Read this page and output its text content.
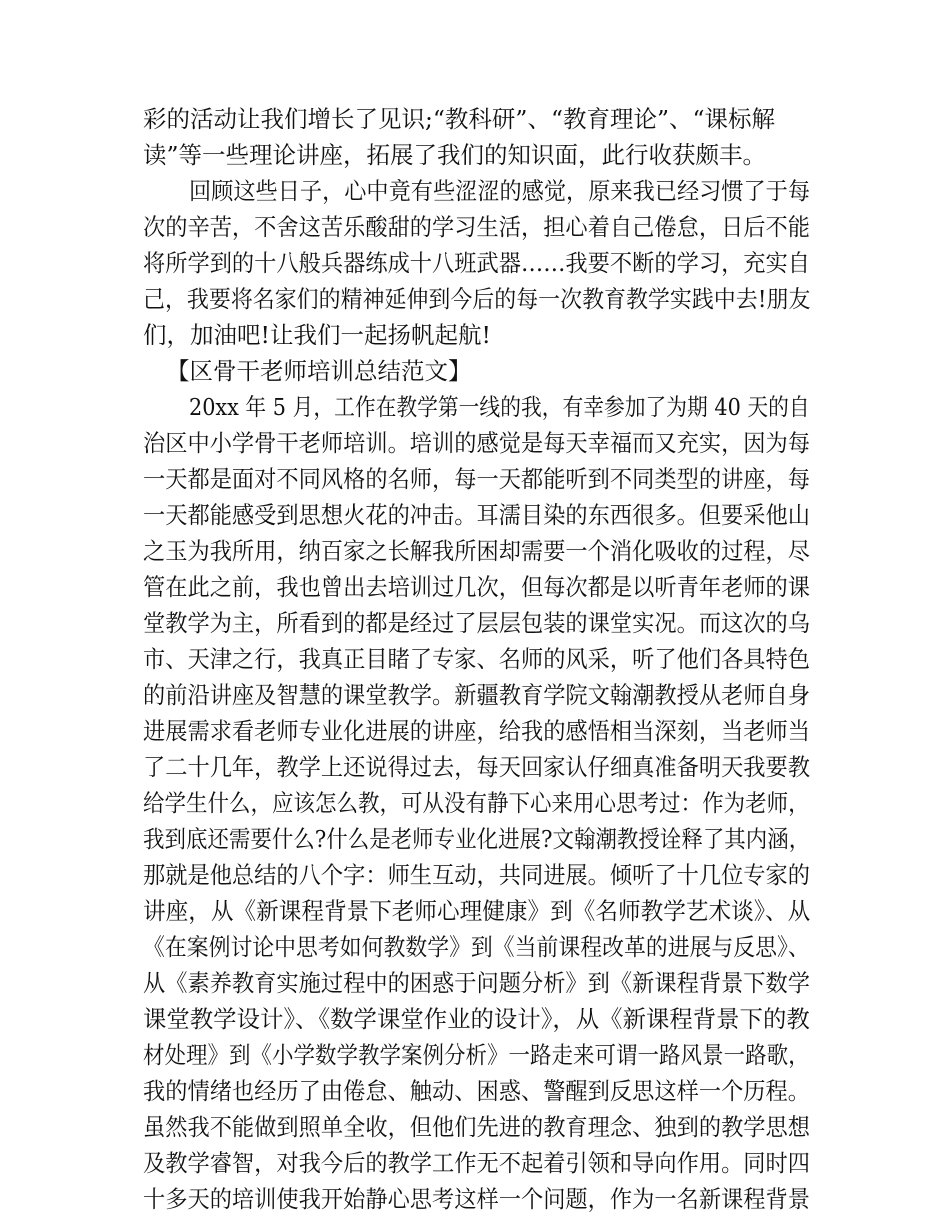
彩的活动让我们增长了见识;“教科研”、“教育理论”、“课标解
读”等一些理论讲座，拓展了我们的知识面，此行收获颇丰。
回顾这些日子，心中竟有些涩涩的感觉，原来我已经习惯了于每
次的辛苦，不舍这苦乐酸甜的学习生活，担心着自己倦怠，日后不能
将所学到的十八般兵器练成十八班武器……我要不断的学习，充实自
己，我要将名家们的精神延伸到今后的每一次教育教学实践中去!朋友
们，加油吧!让我们一起扬帆起航!
【区骨干老师培训总结范文】
20xx 年 5 月，工作在教学第一线的我，有幸参加了为期 40 天的自
治区中小学骨干老师培训。培训的感觉是每天幸福而又充实，因为每
一天都是面对不同风格的名师，每一天都能听到不同类型的讲座，每
一天都能感受到思想火花的冲击。耳濡目染的东西很多。但要采他山
之玉为我所用，纳百家之长解我所困却需要一个消化吸收的过程，尽
管在此之前，我也曾出去培训过几次，但每次都是以听青年老师的课
堂教学为主，所看到的都是经过了层层包装的课堂实况。而这次的乌
市、天津之行，我真正目睹了专家、名师的风采，听了他们各具特色
的前沿讲座及智慧的课堂教学。新疆教育学院文翰潮教授从老师自身
进展需求看老师专业化进展的讲座，给我的感悟相当深刻，当老师当
了二十几年，教学上还说得过去，每天回家认仔细真准备明天我要教
给学生什么，应该怎么教，可从没有静下心来用心思考过：作为老师，
我到底还需要什么?什么是老师专业化进展?文翰潮教授诠释了其内涵，
那就是他总结的八个字：师生互动，共同进展。倾听了十几位专家的
讲座，从《新课程背景下老师心理健康》到《名师教学艺术谈》、从
《在案例讨论中思考如何教数学》到《当前课程改革的进展与反思》、
从《素养教育实施过程中的困惑于问题分析》到《新课程背景下数学
课堂教学设计》、《数学课堂作业的设计》，从《新课程背景下的教
材处理》到《小学数学教学案例分析》一路走来可谓一路风景一路歌，
我的情绪也经历了由倦怠、触动、困惑、警醒到反思这样一个历程。
虽然我不能做到照单全收，但他们先进的教育理念、独到的教学思想
及教学睿智，对我今后的教学工作无不起着引领和导向作用。同时四
十多天的培训使我开始静心思考这样一个问题，作为一名新课程背景
